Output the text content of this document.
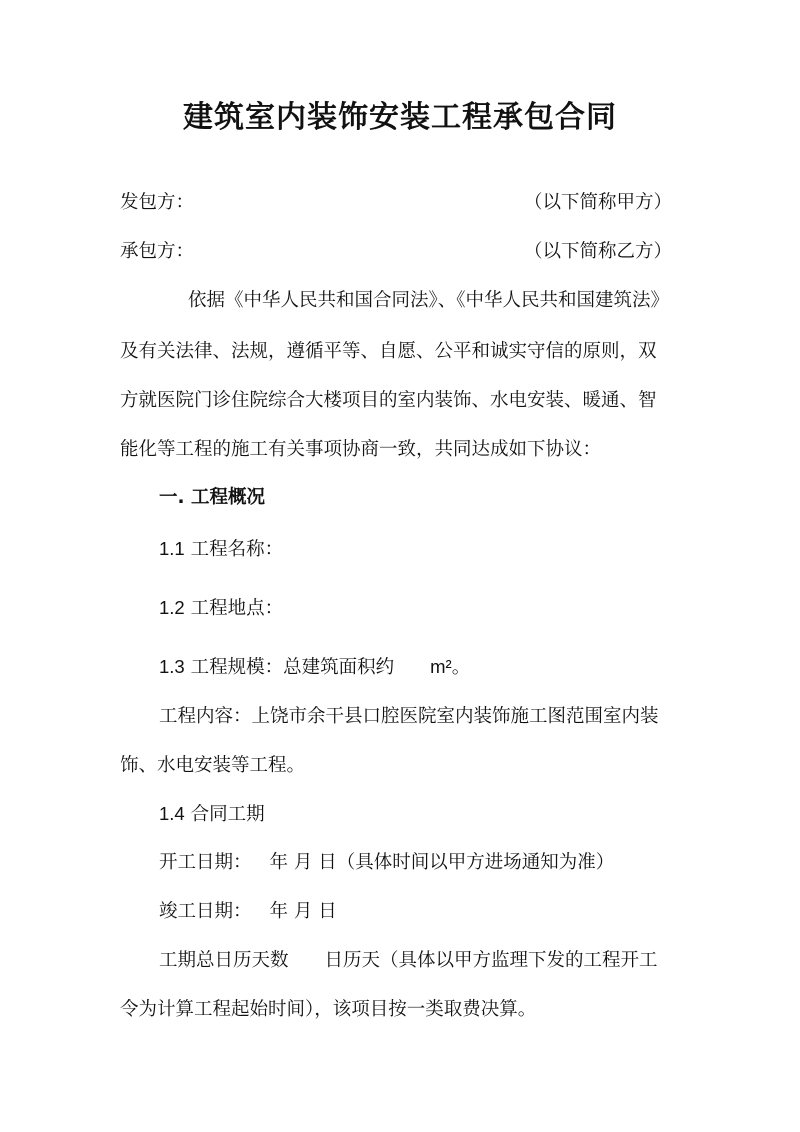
建筑室内装饰安装工程承包合同
发包方：	（以下简称甲方）
承包方：	（以下简称乙方）
依据《中华人民共和国合同法》、《中华人民共和国建筑法》
及有关法律、法规，遵循平等、自愿、公平和诚实守信的原则，双
方就医院门诊住院综合大楼项目的室内装饰、水电安装、暖通、智
能化等工程的施工有关事项协商一致，共同达成如下协议：
一. 工程概况
1.1 工程名称：
1.2 工程地点：
1.3 工程规模：总建筑面积约 m²。
工程内容：上饶市余干县口腔医院室内装饰施工图范围室内装
饰、水电安装等工程。
1.4 合同工期
开工日期： 年 月 日（具体时间以甲方进场通知为准）
竣工日期： 年 月 日
工期总日历天数 日历天（具体以甲方监理下发的工程开工
令为计算工程起始时间），该项目按一类取费决算。
